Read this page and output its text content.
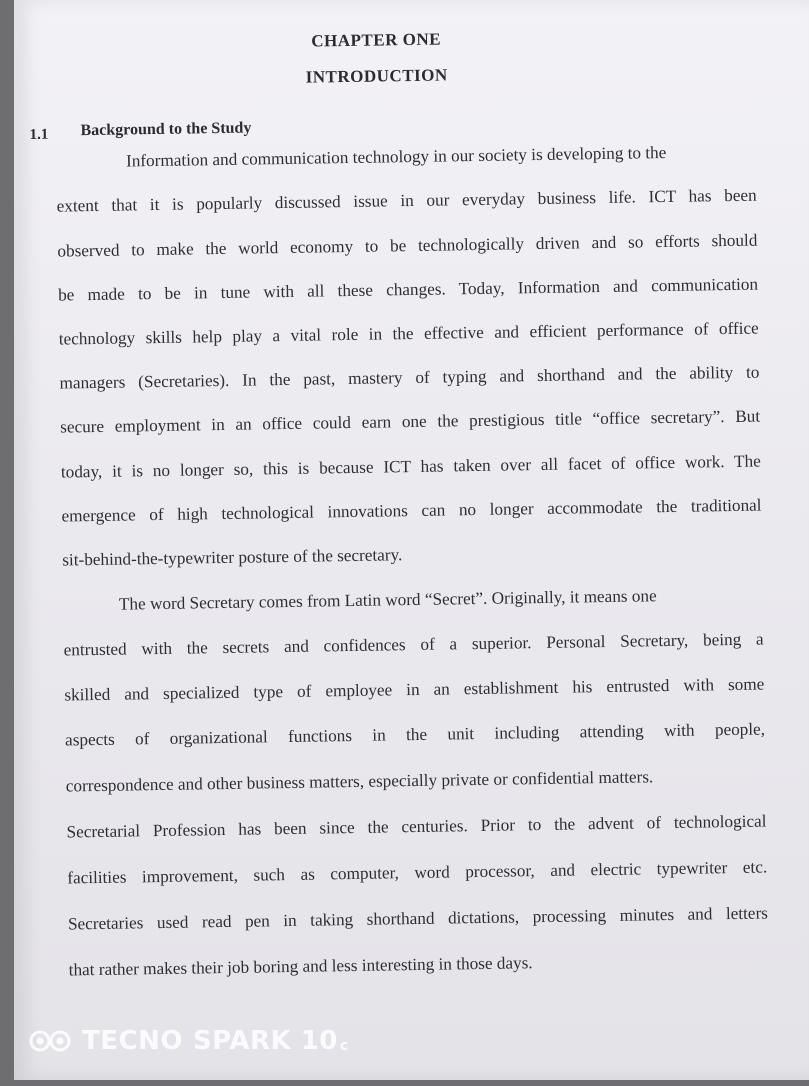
CHAPTER ONE
INTRODUCTION
1.1 Background to the Study
Information and communication technology in our society is developing to the
extent that it is popularly discussed issue in our everyday business life. ICT has been
observed to make the world economy to be technologically driven and so efforts should
be made to be in tune with all these changes. Today, Information and communication
technology skills help play a vital role in the effective and efficient performance of office
managers (Secretaries). In the past, mastery of typing and shorthand and the ability to
secure employment in an office could earn one the prestigious title “office secretary”. But
today, it is no longer so, this is because ICT has taken over all facet of office work. The
emergence of high technological innovations can no longer accommodate the traditional
sit-behind-the-typewriter posture of the secretary.
The word Secretary comes from Latin word “Secret”. Originally, it means one
entrusted with the secrets and confidences of a superior. Personal Secretary, being a
skilled and specialized type of employee in an establishment his entrusted with some
aspects of organizational functions in the unit including attending with people,
correspondence and other business matters, especially private or confidential matters.
Secretarial Profession has been since the centuries. Prior to the advent of technological
facilities improvement, such as computer, word processor, and electric typewriter etc.
Secretaries used read pen in taking shorthand dictations, processing minutes and letters
that rather makes their job boring and less interesting in those days.
TECNO SPARK 10 c
